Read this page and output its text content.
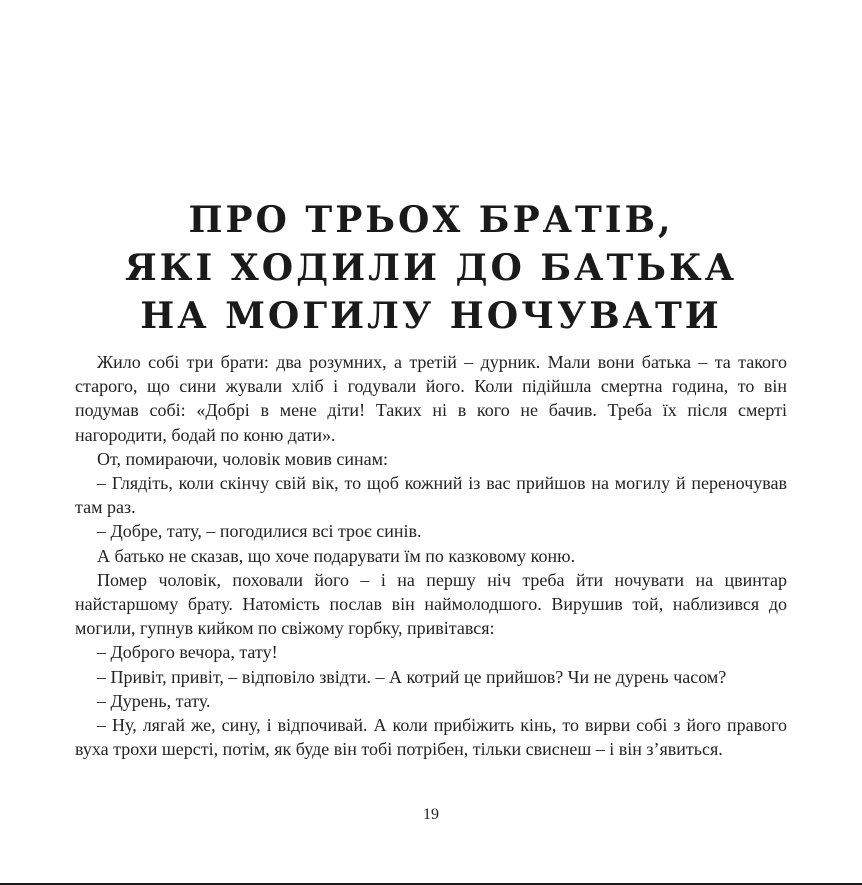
ПРО ТРЬОХ БРАТІВ,
ЯКІ ХОДИЛИ ДО БАТЬКА
НА МОГИЛУ НОЧУВАТИ

Жило собі три брати: два розумних, а третій – дурник. Мали вони батька – та такого старого, що сини жували хліб і годували його. Коли підійшла смертна година, то він подумав собі: «Добрі в мене діти! Таких ні в кого не бачив. Треба їх після смерті нагородити, бодай по коню дати».

От, помираючи, чоловік мовив синам:

– Глядіть, коли скінчу свій вік, то щоб кожний із вас прийшов на могилу й переночував там раз.

– Добре, тату, – погодилися всі троє синів.

А батько не сказав, що хоче подарувати їм по казковому коню.

Помер чоловік, поховали його – і на першу ніч треба йти ночувати на цвинтар найстаршому брату. Натомість послав він наймолодшого. Вирушив той, наблизився до могили, гупнув кийком по свіжому горбку, привітався:

– Доброго вечора, тату!

– Привіт, привіт, – відповіло звідти. – А котрий це прийшов? Чи не дурень часом?

– Дурень, тату.

– Ну, лягай же, сину, і відпочивай. А коли прибіжить кінь, то вирви собі з його правого вуха трохи шерсті, потім, як буде він тобі потрібен, тільки свиснеш – і він з’явиться.

19
